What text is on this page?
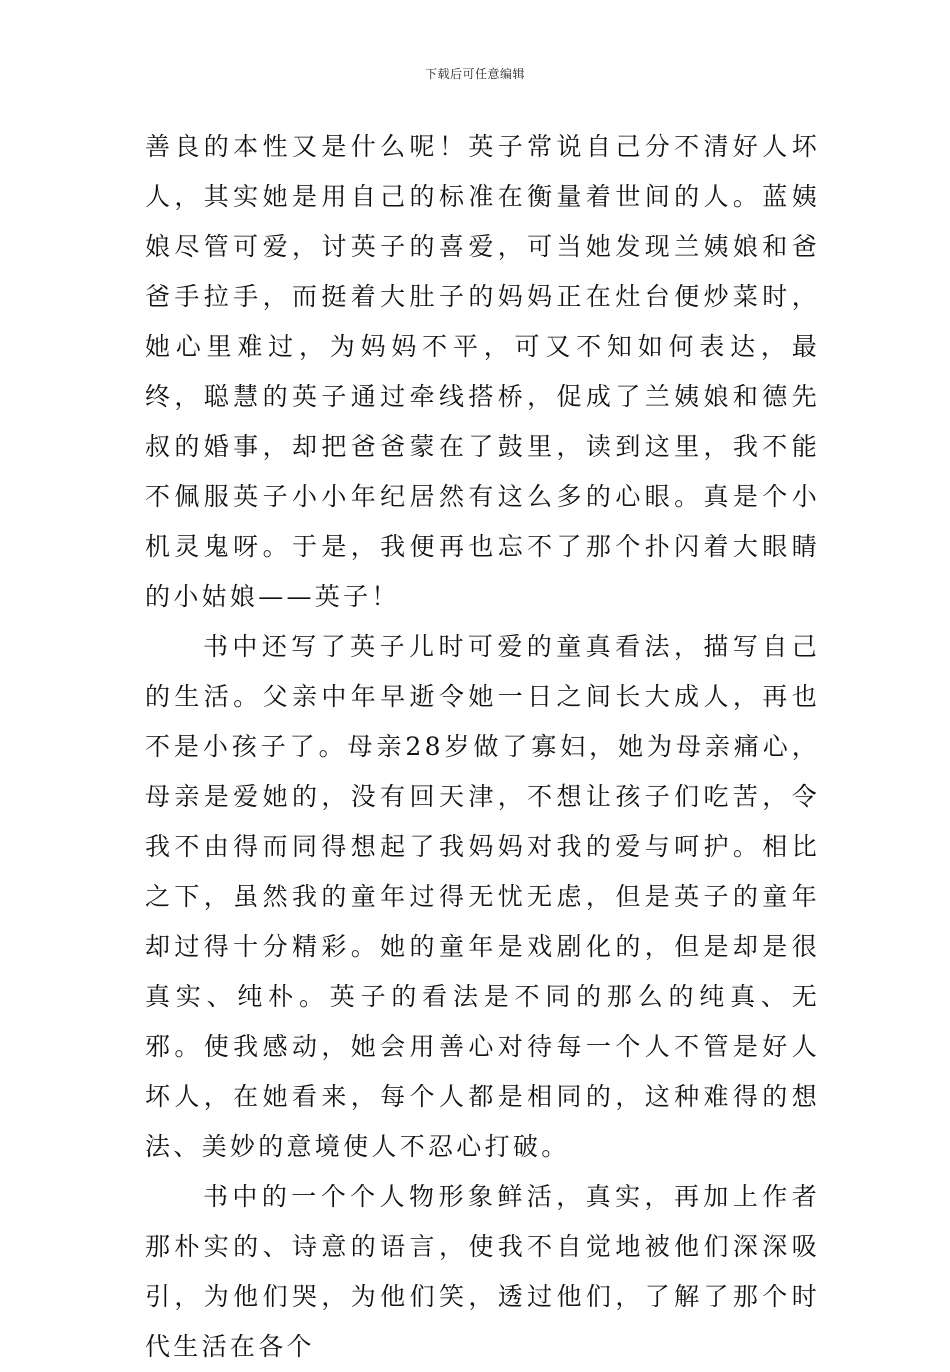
下载后可任意编辑

善良的本性又是什么呢！英子常说自己分不清好人坏人，其实她是用自己的标准在衡量着世间的人。蓝姨娘尽管可爱，讨英子的喜爱，可当她发现兰姨娘和爸爸手拉手，而挺着大肚子的妈妈正在灶台便炒菜时，她心里难过，为妈妈不平，可又不知如何表达，最终，聪慧的英子通过牵线搭桥，促成了兰姨娘和德先叔的婚事，却把爸爸蒙在了鼓里，读到这里，我不能不佩服英子小小年纪居然有这么多的心眼。真是个小机灵鬼呀。于是，我便再也忘不了那个扑闪着大眼睛的小姑娘——英子！

书中还写了英子儿时可爱的童真看法，描写自己的生活。父亲中年早逝令她一日之间长大成人，再也不是小孩子了。母亲28岁做了寡妇，她为母亲痛心，母亲是爱她的，没有回天津，不想让孩子们吃苦，令我不由得而同得想起了我妈妈对我的爱与呵护。相比之下，虽然我的童年过得无忧无虑，但是英子的童年却过得十分精彩。她的童年是戏剧化的，但是却是很真实、纯朴。英子的看法是不同的那么的纯真、无邪。使我感动，她会用善心对待每一个人不管是好人坏人，在她看来，每个人都是相同的，这种难得的想法、美妙的意境使人不忍心打破。

书中的一个个人物形象鲜活，真实，再加上作者那朴实的、诗意的语言，使我不自觉地被他们深深吸引，为他们哭，为他们笑，透过他们，了解了那个时代生活在各个
